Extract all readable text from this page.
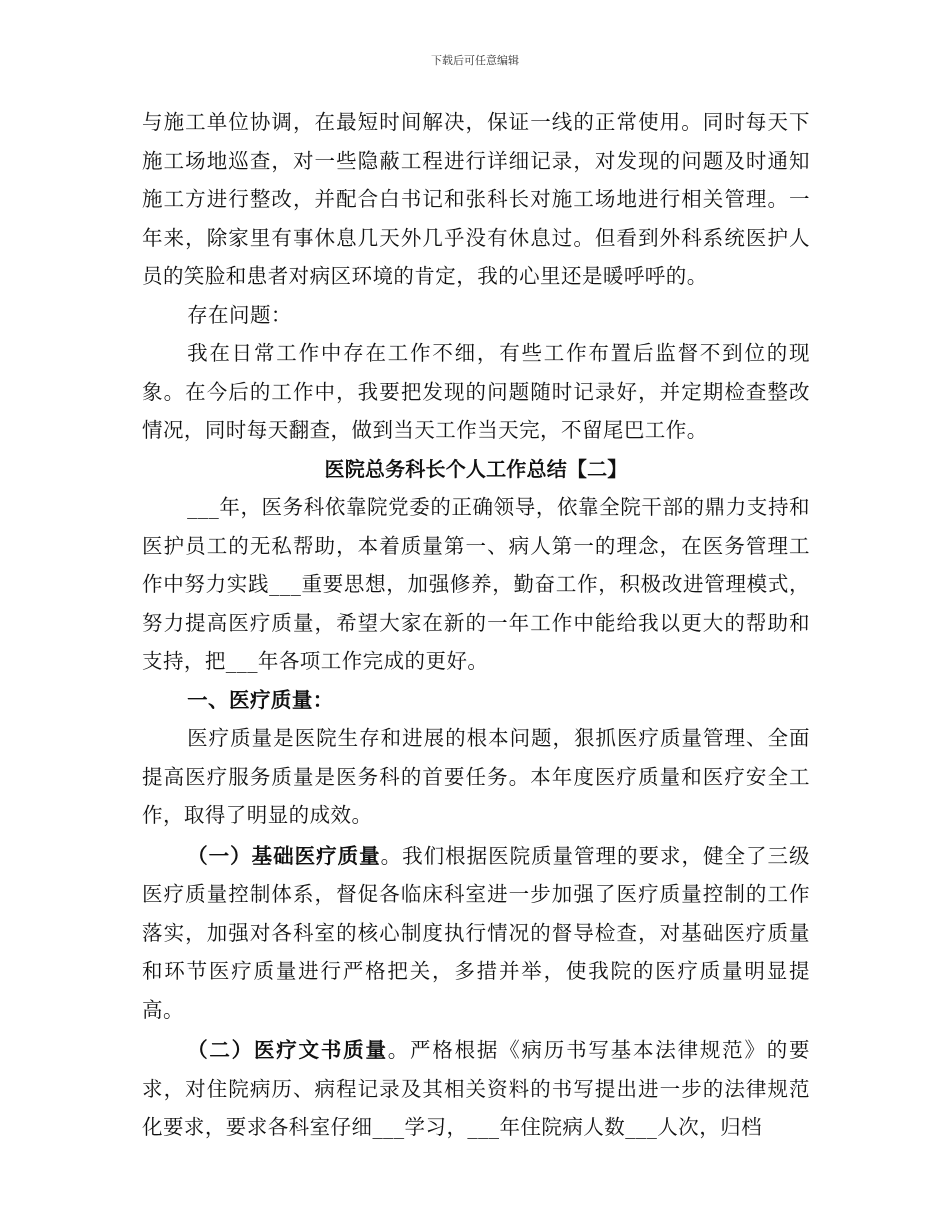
下载后可任意编辑

与施工单位协调，在最短时间解决，保证一线的正常使用。同时每天下施工场地巡查，对一些隐蔽工程进行详细记录，对发现的问题及时通知施工方进行整改，并配合白书记和张科长对施工场地进行相关管理。一年来，除家里有事休息几天外几乎没有休息过。但看到外科系统医护人员的笑脸和患者对病区环境的肯定，我的心里还是暖呼呼的。

存在问题：

我在日常工作中存在工作不细，有些工作布置后监督不到位的现象。在今后的工作中，我要把发现的问题随时记录好，并定期检查整改情况，同时每天翻查，做到当天工作当天完，不留尾巴工作。

医院总务科长个人工作总结【二】

___年，医务科依靠院党委的正确领导，依靠全院干部的鼎力支持和医护员工的无私帮助，本着质量第一、病人第一的理念，在医务管理工作中努力实践___重要思想，加强修养，勤奋工作，积极改进管理模式，努力提高医疗质量，希望大家在新的一年工作中能给我以更大的帮助和支持，把___年各项工作完成的更好。

一、医疗质量：

医疗质量是医院生存和进展的根本问题，狠抓医疗质量管理、全面提高医疗服务质量是医务科的首要任务。本年度医疗质量和医疗安全工作，取得了明显的成效。

（一）基础医疗质量。我们根据医院质量管理的要求，健全了三级医疗质量控制体系，督促各临床科室进一步加强了医疗质量控制的工作落实，加强对各科室的核心制度执行情况的督导检查，对基础医疗质量和环节医疗质量进行严格把关，多措并举，使我院的医疗质量明显提高。

（二）医疗文书质量。严格根据《病历书写基本法律规范》的要求，对住院病历、病程记录及其相关资料的书写提出进一步的法律规范化要求，要求各科室仔细___学习，___年住院病人数___人次，归档
